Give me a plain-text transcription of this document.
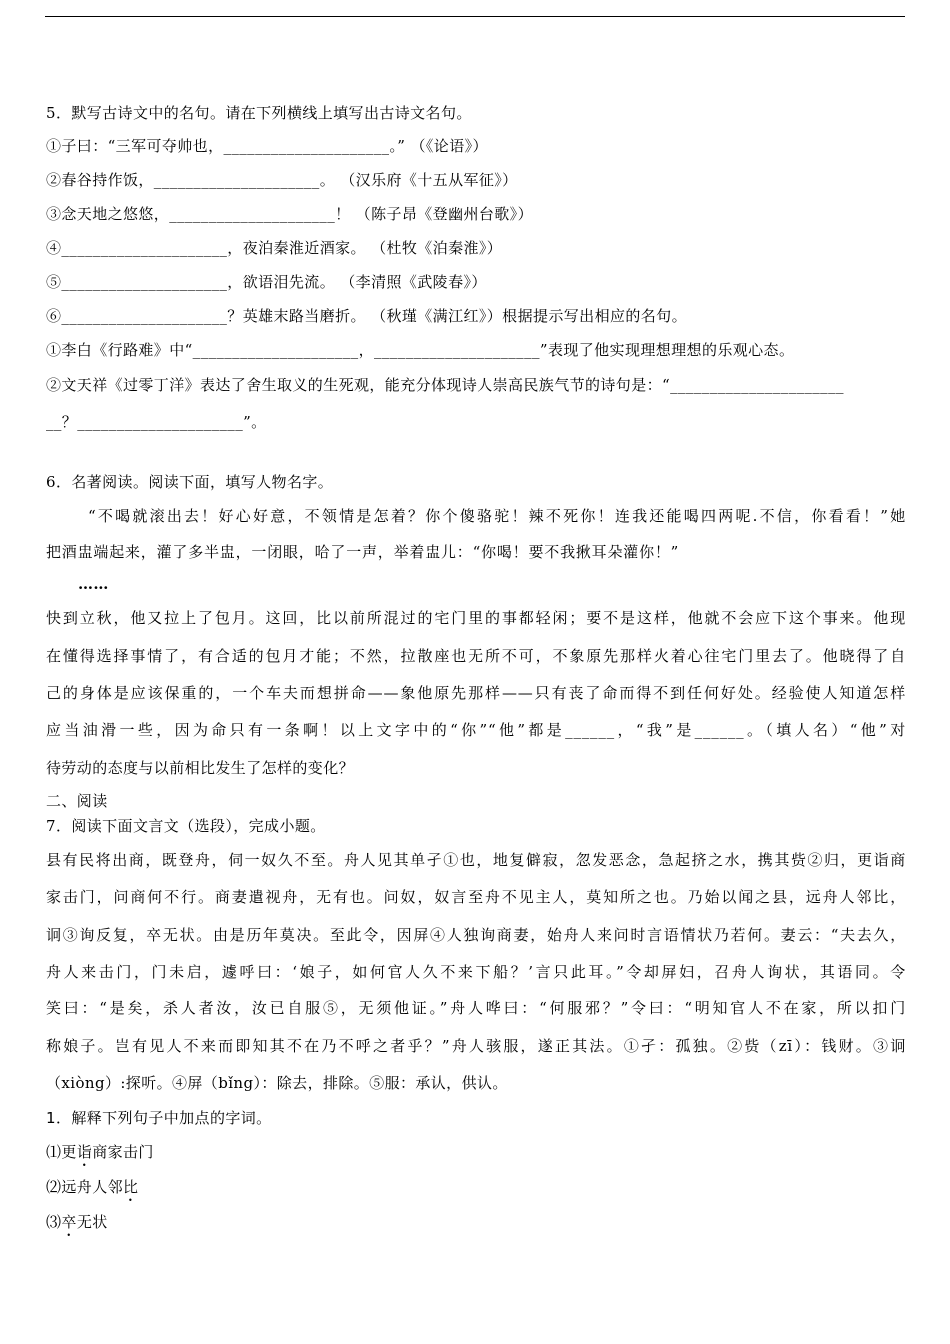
5．默写古诗文中的名句。请在下列横线上填写出古诗文名句。
①子曰：“三军可夺帅也，_____________________。” （《论语》）
②春谷持作饭，_____________________。 （汉乐府《十五从军征》）
③念天地之悠悠，_____________________！ （陈子昂《登幽州台歌》）
④_____________________，夜泊秦淮近酒家。 （杜牧《泊秦淮》）
⑤_____________________，欲语泪先流。 （李清照《武陵春》）
⑥_____________________？英雄末路当磨折。 （秋瑾《满江红》）根据提示写出相应的名句。
①李白《行路难》中“_____________________，_____________________”表现了他实现理想理想的乐观心态。
②文天祥《过零丁洋》表达了舍生取义的生死观，能充分体现诗人崇高民族气节的诗句是：“______________________
__？_____________________”。
6．名著阅读。阅读下面，填写人物名字。
“不喝就滚出去！好心好意，不领情是怎着？你个傻骆驼！辣不死你！连我还能喝四两呢.不信，你看看！”她
把酒盅端起来，灌了多半盅，一闭眼，哈了一声，举着盅儿：“你喝！要不我揪耳朵灌你！”
……
快到立秋，他又拉上了包月。这回，比以前所混过的宅门里的事都轻闲；要不是这样，他就不会应下这个事来。他现
在懂得选择事情了，有合适的包月才能；不然，拉散座也无所不可，不象原先那样火着心往宅门里去了。他晓得了自
己的身体是应该保重的，一个车夫而想拼命——象他原先那样——只有丧了命而得不到任何好处。经验使人知道怎样
应当油滑一些，因为命只有一条啊！以上文字中的“你”“他”都是______，“我”是______。（填人名）“他”对
待劳动的态度与以前相比发生了怎样的变化？
二、阅读
7．阅读下面文言文（选段），完成小题。
县有民将出商，既登舟，伺一奴久不至。舟人见其单孑①也，地复僻寂，忽发恶念，急起挤之水，携其赀②归，更诣商
家击门，问商何不行。商妻遣视舟，无有也。问奴，奴言至舟不见主人，莫知所之也。乃始以闻之县，远舟人邻比，
诇③询反复，卒无状。由是历年莫决。至此令，因屏④人独询商妻，始舟人来问时言语情状乃若何。妻云：“夫去久，
舟人来击门，门未启，遽呼曰：‘娘子，如何官人久不来下船？’言只此耳。”令却屏妇，召舟人询状，其语同。令
笑曰：“是矣，杀人者汝，汝已自服⑤，无须他证。”舟人哗曰：“何服邪？”令曰：“明知官人不在家，所以扣门
称娘子。岂有见人不来而即知其不在乃不呼之者乎？”舟人骇服，遂正其法。①孑：孤独。②赀（zī）：钱财。③诇
（xiòng）:探听。④屏（bǐng）：除去，排除。⑤服：承认，供认。
1．解释下列句子中加点的字词。
⑴更诣商家击门
⑵远舟人邻比
⑶卒无状
